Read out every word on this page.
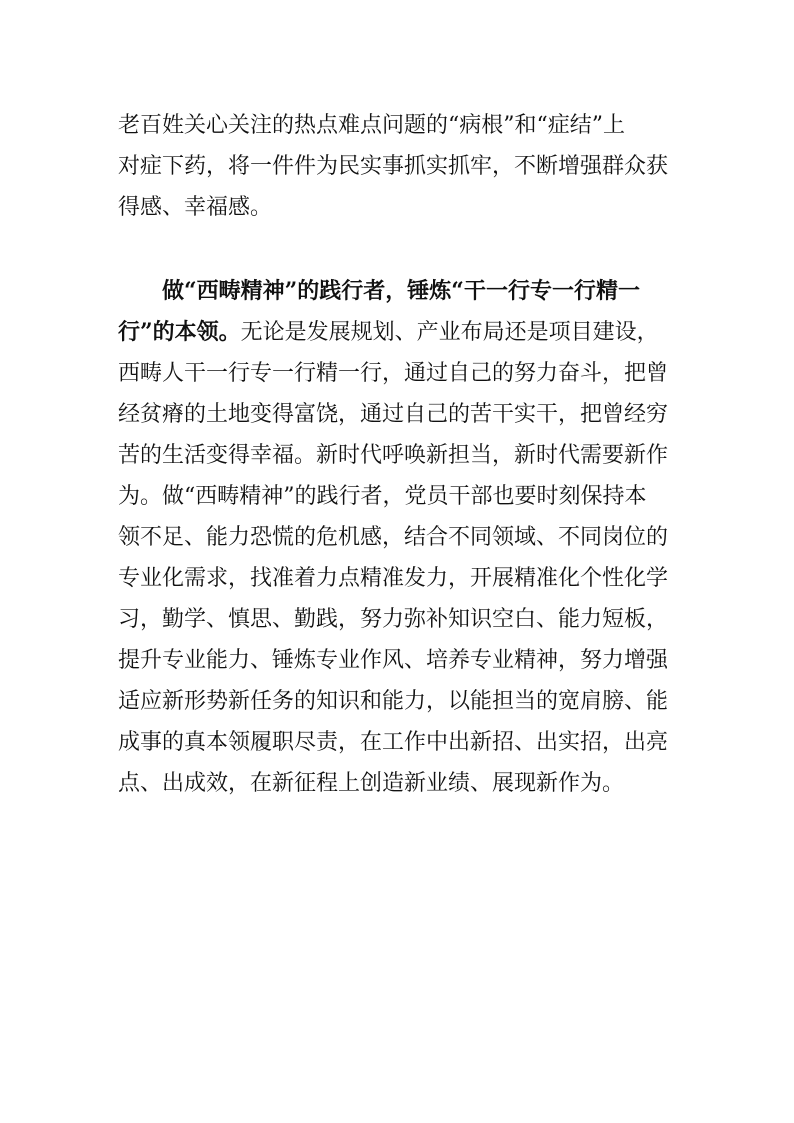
老百姓关心关注的热点难点问题的“病根”和“症结”上
对症下药，将一件件为民实事抓实抓牢，不断增强群众获
得感、幸福感。
做“西畴精神”的践行者，锤炼“干一行专一行精一
行”的本领。无论是发展规划、产业布局还是项目建设，
西畴人干一行专一行精一行，通过自己的努力奋斗，把曾
经贫瘠的土地变得富饶，通过自己的苦干实干，把曾经穷
苦的生活变得幸福。新时代呼唤新担当，新时代需要新作
为。做“西畴精神”的践行者，党员干部也要时刻保持本
领不足、能力恐慌的危机感，结合不同领域、不同岗位的
专业化需求，找准着力点精准发力，开展精准化个性化学
习，勤学、慎思、勤践，努力弥补知识空白、能力短板，
提升专业能力、锤炼专业作风、培养专业精神，努力增强
适应新形势新任务的知识和能力，以能担当的宽肩膀、能
成事的真本领履职尽责，在工作中出新招、出实招，出亮
点、出成效，在新征程上创造新业绩、展现新作为。
